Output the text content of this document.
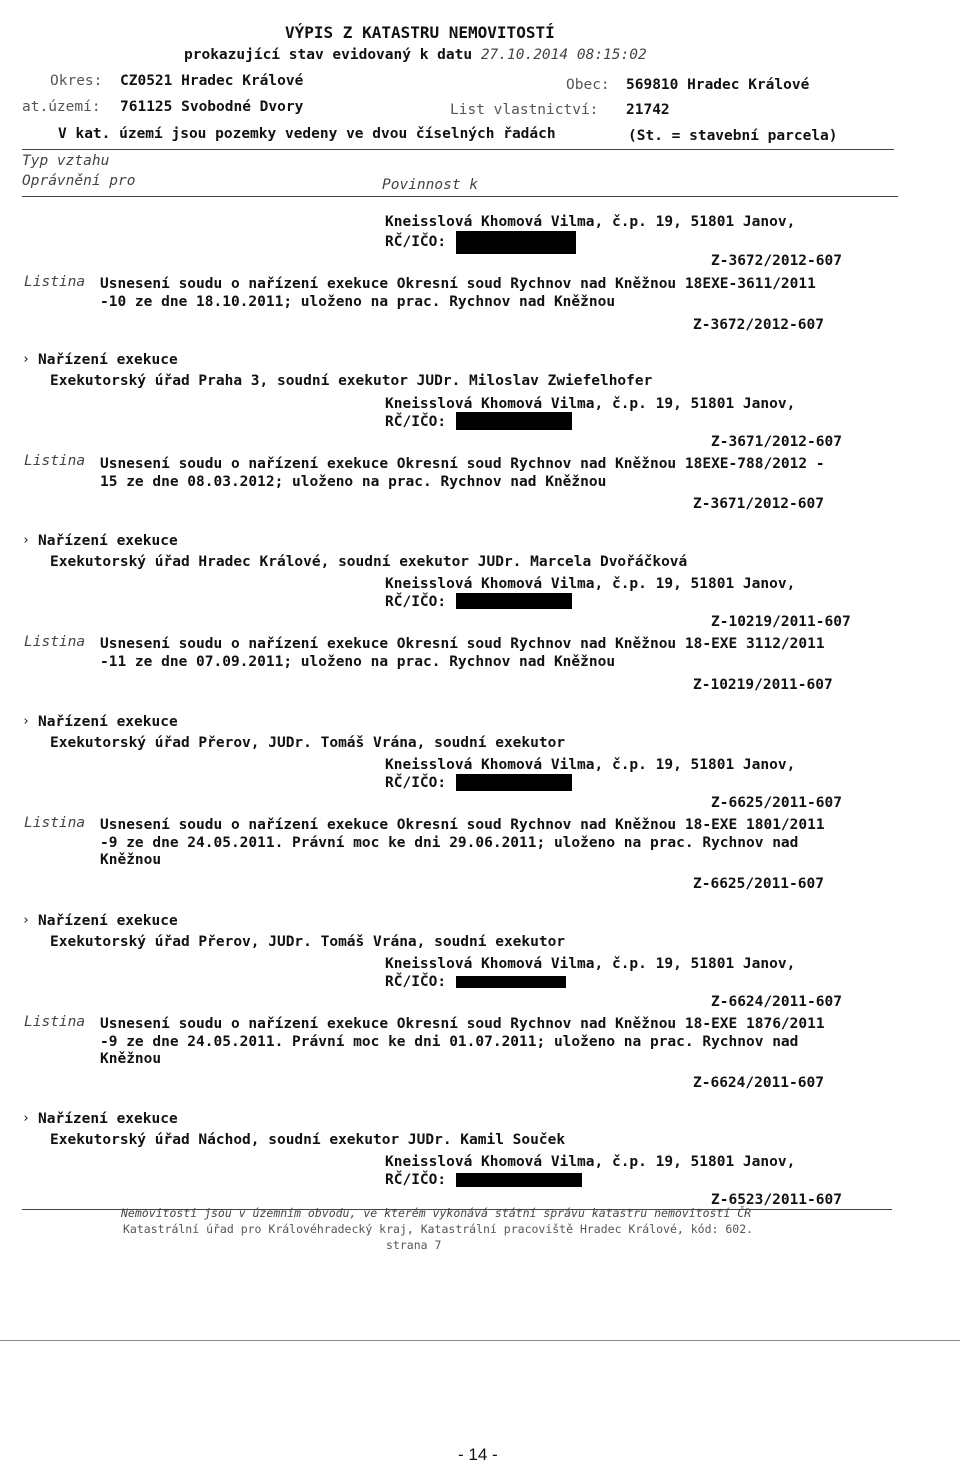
VÝPIS Z KATASTRU NEMOVITOSTÍ
prokazující stav evidovaný k datu 27.10.2014 08:15:02
Okres: CZ0521 Hradec Králové	Obec: 569810 Hradec Králové
at.území: 761125 Svobodné Dvory	List vlastnictví: 21742
V kat. území jsou pozemky vedeny ve dvou číselných řadách	(St. = stavební parcela)
Typ vztahu
Oprávnění pro	Povinnost k
Kneisslová Khomová Vilma, č.p. 19, 51801 Janov,
RČ/IČO:
Z-3672/2012-607
Listina Usnesení soudu o nařízení exekuce Okresní soud Rychnov nad Kněžnou 18EXE-3611/2011
-10 ze dne 18.10.2011; uloženo na prac. Rychnov nad Kněžnou
Z-3672/2012-607
› Nařízení exekuce
Exekutorský úřad Praha 3, soudní exekutor JUDr. Miloslav Zwiefelhofer
Kneisslová Khomová Vilma, č.p. 19, 51801 Janov,
RČ/IČO:
Z-3671/2012-607
Listina Usnesení soudu o nařízení exekuce Okresní soud Rychnov nad Kněžnou 18EXE-788/2012 -
15 ze dne 08.03.2012; uloženo na prac. Rychnov nad Kněžnou
Z-3671/2012-607
› Nařízení exekuce
Exekutorský úřad Hradec Králové, soudní exekutor JUDr. Marcela Dvořáčková
Kneisslová Khomová Vilma, č.p. 19, 51801 Janov,
RČ/IČO:
Z-10219/2011-607
Listina Usnesení soudu o nařízení exekuce Okresní soud Rychnov nad Kněžnou 18-EXE 3112/2011
-11 ze dne 07.09.2011; uloženo na prac. Rychnov nad Kněžnou
Z-10219/2011-607
› Nařízení exekuce
Exekutorský úřad Přerov, JUDr. Tomáš Vrána, soudní exekutor
Kneisslová Khomová Vilma, č.p. 19, 51801 Janov,
RČ/IČO:
Z-6625/2011-607
Listina Usnesení soudu o nařízení exekuce Okresní soud Rychnov nad Kněžnou 18-EXE 1801/2011
-9 ze dne 24.05.2011. Právní moc ke dni 29.06.2011; uloženo na prac. Rychnov nad
Kněžnou
Z-6625/2011-607
› Nařízení exekuce
Exekutorský úřad Přerov, JUDr. Tomáš Vrána, soudní exekutor
Kneisslová Khomová Vilma, č.p. 19, 51801 Janov,
RČ/IČO:
Z-6624/2011-607
Listina Usnesení soudu o nařízení exekuce Okresní soud Rychnov nad Kněžnou 18-EXE 1876/2011
-9 ze dne 24.05.2011. Právní moc ke dni 01.07.2011; uloženo na prac. Rychnov nad
Kněžnou
Z-6624/2011-607
› Nařízení exekuce
Exekutorský úřad Náchod, soudní exekutor JUDr. Kamil Souček
Kneisslová Khomová Vilma, č.p. 19, 51801 Janov,
RČ/IČO:
Z-6523/2011-607
Nemovitosti jsou v územním obvodu, ve kterém vykonává státní správu katastru nemovitostí ČR
Katastrální úřad pro Královéhradecký kraj, Katastrální pracoviště Hradec Králové, kód: 602.
strana 7
- 14 -
